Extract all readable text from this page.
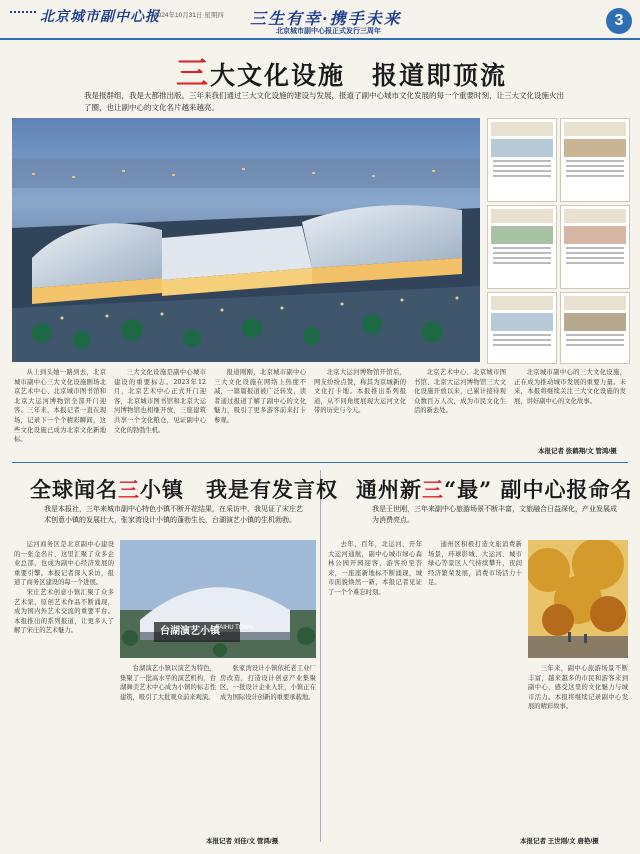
北京城市副中心报
2024年10月31日 星期四 三生有幸·携手未来
北京城市副中心报正式发行三周年
3
三大文化设施　报道即顶流
我是报群组，我是大都推出版。三年来我们通过三大文化设施的建设与发展，报道了副中心城市文化发展的每一个重要时刻，让三大文化设施火出了圈，也让副中心的文化名片越来越亮。

从上到头她一路到去，北京城市副中心三大文化设施剧场北京艺术中心、北京城市图书馆和北京大运河博物馆全部开门迎客。三年来，本报记者一直在现场，记录下一个个精彩瞬间，这些文化设施已成为北京文化新地标。

三大文化设施是副中心城市建设的重要标志。2023年12月，北京艺术中心正式开门迎客，北京城市图书馆和北京大运河博物馆也相继开放，三座建筑共享一个文化粮仓，见证副中心文化的勃勃生机。

报道刚刚，北京城市副中心三大文化设施在网络上热度不减，一篇篇报道被广泛转发，读者通过报道了解了副中心的文化魅力，吸引了更多游客前来打卡参观。

北京大运河博物馆开馆后，网友纷纷点赞，称其为京城新的文化打卡地。本报推出系列报道，从不同角度展现大运河文化带的历史与今天。

北京艺术中心、北京城市图书馆、北京大运河博物馆三大文化设施开放以来，已累计接待观众数百万人次，成为市民文化生活的新去处。

北京城市副中心的三大文化设施，正在成为推动城市发展的重要力量。未来，本报将继续关注三大文化设施的发展，讲好副中心的文化故事。

本报记者 张鹤翔/文 管鸿/摄
全球闻名三小镇　我是有发言权
我是本报社，三年来城市副中心特色小镇不断开花结果，在采访中，我见证了宋庄艺术创意小镇的发展壮大，张家湾设计小镇的蓬勃生长，台湖演艺小镇的生机勃勃。

运河商务区是北京副中心建设的一张金名片，这里汇聚了众多企业总部，也成为副中心经济发展的重要引擎。本报记者深入采访，报道了商务区建设的每一个进展。

宋庄艺术创意小镇汇聚了众多艺术家，原创艺术作品不断涌现，成为国内外艺术交流的重要平台。本报推出的系列报道，让更多人了解了宋庄的艺术魅力。	台湖演艺小镇
TAIHU TOWN

台湖演艺小镇以演艺为特色，集聚了一批高水平的演艺机构，台湖舞美艺术中心成为小镇的标志性建筑，吸引了大批观众前来观演。

张家湾设计小镇依托老工业厂房改造，打造设计创意产业集聚区，一批设计企业入驻，小镇正在成为国际设计创新的重要承载地。

本报记者 刘佳/文 管鸿/摄
通州新三“最” 副中心报命名
我是王世刚，三年来副中心旅游场景不断丰富，文旅融合日益深化，产业发展成为消费亮点。

去年，百年，北运河、开年大运河通航，副中心城市绿心森林公园开园迎客，游客纷至沓来，一座座新地标不断涌现，城市面貌焕然一新，本报记者见证了一个个难忘时刻。

通州区积极打造文旅消费新场景，环球影城、大运河、城市绿心等景区人气持续攀升，夜间经济繁荣发展，消费市场活力十足。

三年来，副中心旅游场景不断丰富，越来越多的市民和游客来到副中心，感受这里的文化魅力与城市活力。本报将继续记录副中心发展的精彩故事。

本报记者 王世刚/文 唐艳/摄
